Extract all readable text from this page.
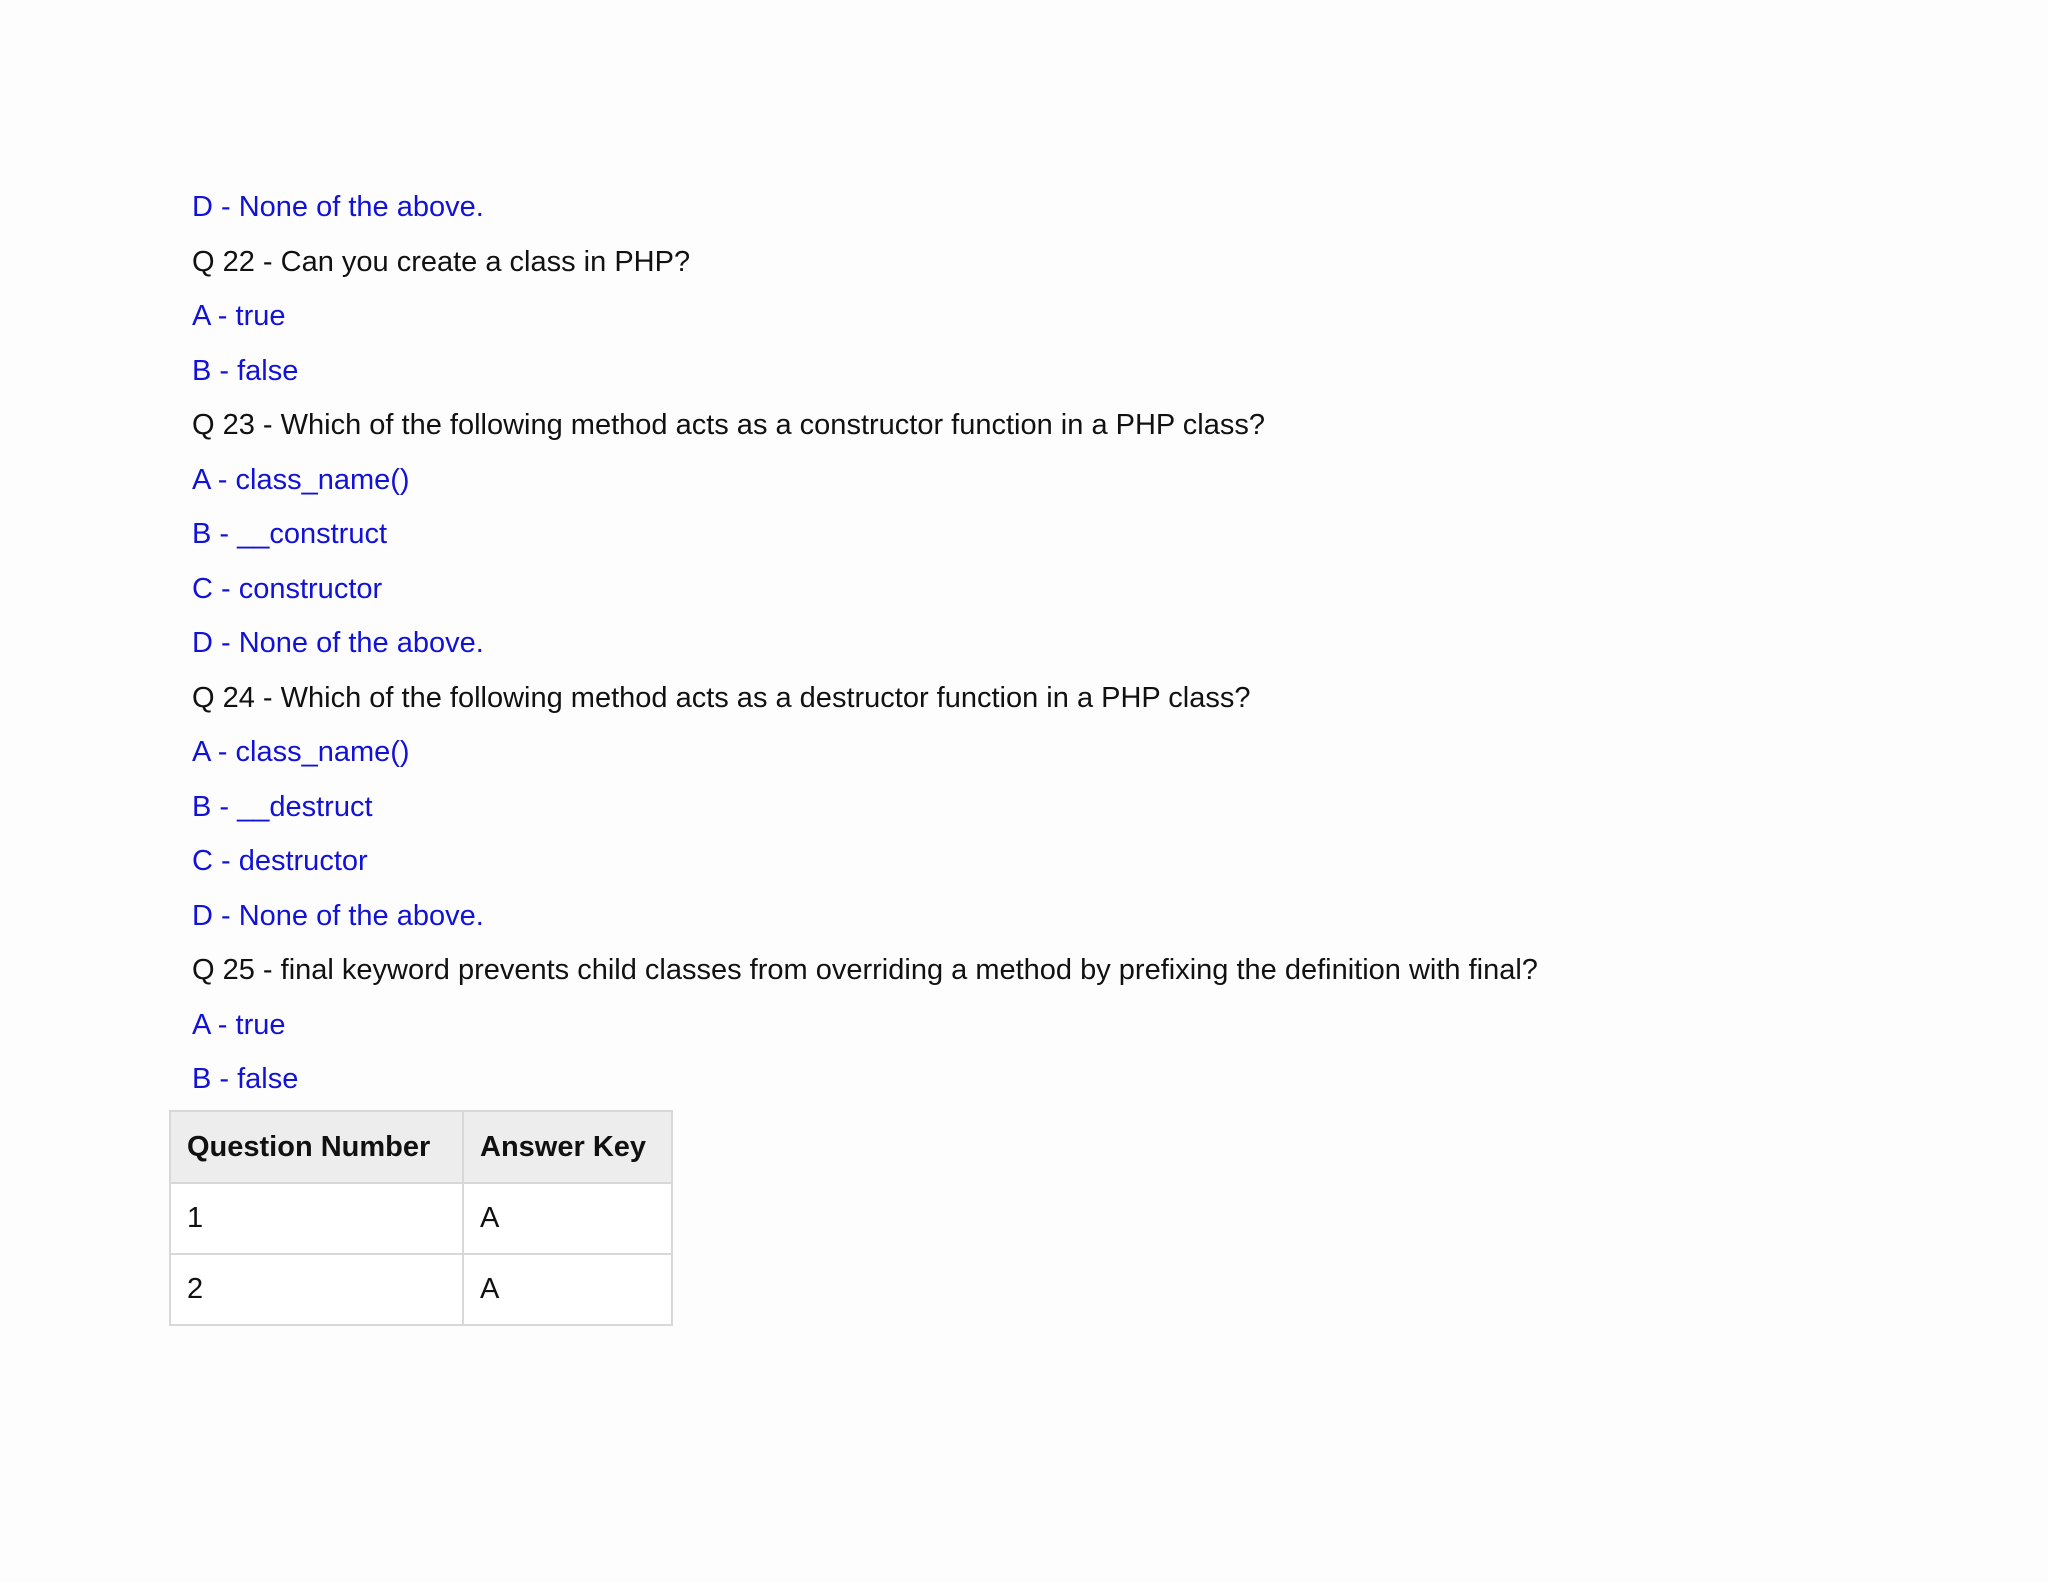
D - None of the above.
Q 22 - Can you create a class in PHP?
A - true
B - false
Q 23 - Which of the following method acts as a constructor function in a PHP class?
A - class_name()
B - __construct
C - constructor
D - None of the above.
Q 24 - Which of the following method acts as a destructor function in a PHP class?
A - class_name()
B - __destruct
C - destructor
D - None of the above.
Q 25 - final keyword prevents child classes from overriding a method by prefixing the definition with final?
A - true
B - false
Question Number	Answer Key
1	A
2	A
